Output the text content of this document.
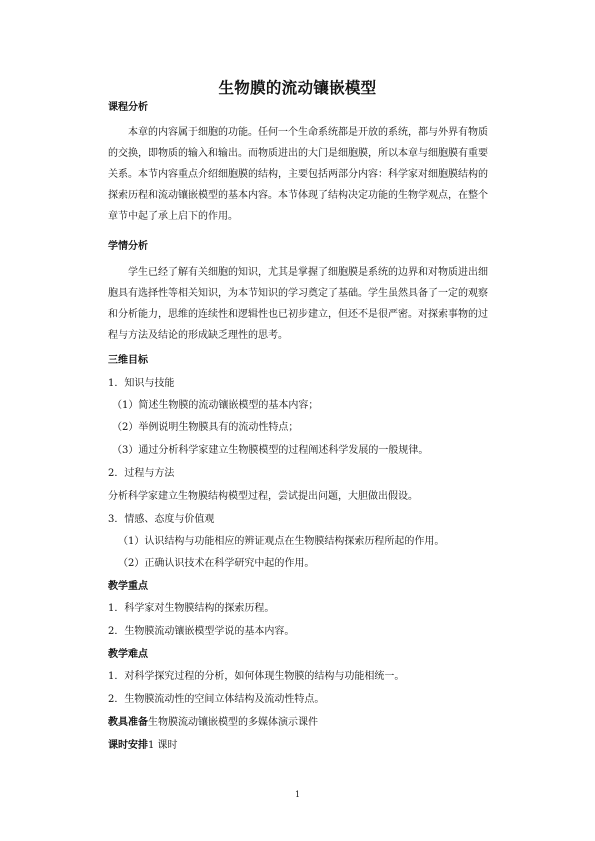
生物膜的流动镶嵌模型
课程分析
本章的内容属于细胞的功能。任何一个生命系统都是开放的系统，都与外界有物质的交换，即物质的输入和输出。而物质进出的大门是细胞膜，所以本章与细胞膜有重要关系。本节内容重点介绍细胞膜的结构，主要包括两部分内容：科学家对细胞膜结构的探索历程和流动镶嵌模型的基本内容。本节体现了结构决定功能的生物学观点，在整个章节中起了承上启下的作用。
学情分析
学生已经了解有关细胞的知识，尤其是掌握了细胞膜是系统的边界和对物质进出细胞具有选择性等相关知识，为本节知识的学习奠定了基础。学生虽然具备了一定的观察和分析能力，思维的连续性和逻辑性也已初步建立，但还不是很严密。对探索事物的过程与方法及结论的形成缺乏理性的思考。
三维目标
1．知识与技能
（1）简述生物膜的流动镶嵌模型的基本内容；
（2）举例说明生物膜具有的流动性特点；
（3）通过分析科学家建立生物膜模型的过程阐述科学发展的一般规律。
2．过程与方法
分析科学家建立生物膜结构模型过程，尝试提出问题，大胆做出假设。
3．情感、态度与价值观
（1）认识结构与功能相应的辨证观点在生物膜结构探索历程所起的作用。
（2）正确认识技术在科学研究中起的作用。
教学重点
1．科学家对生物膜结构的探索历程。
2．生物膜流动镶嵌模型学说的基本内容。
教学难点
1．对科学探究过程的分析，如何体现生物膜的结构与功能相统一。
2．生物膜流动性的空间立体结构及流动性特点。
教具准备生物膜流动镶嵌模型的多媒体演示课件
课时安排1 课时
1
